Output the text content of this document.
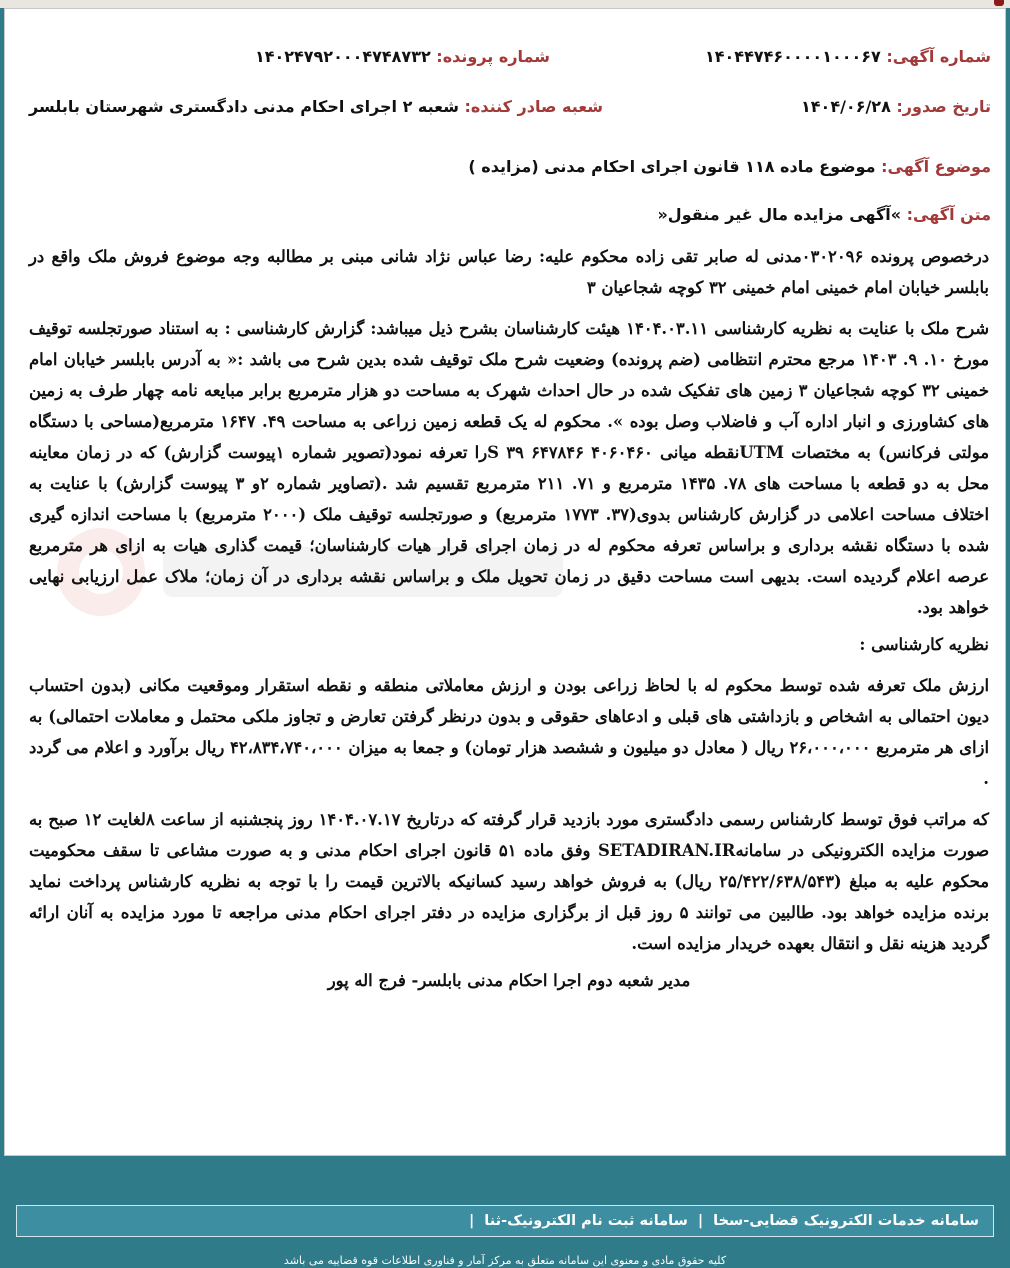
شماره آگهی: ۱۴۰۴۴۷۴۶۰۰۰۰۱۰۰۰۶۷
شماره پرونده: ۱۴۰۲۴۷۹۲۰۰۰۴۷۴۸۷۳۲
تاریخ صدور: ۱۴۰۴/۰۶/۲۸
شعبه صادر کننده: شعبه ۲ اجرای احکام مدنی دادگستری شهرستان بابلسر
موضوع آگهی: موضوع ماده ۱۱۸ قانون اجرای احکام مدنی (مزایده )
متن آگهی: »آگهی مزایده مال غیر منقول«

درخصوص پرونده ۰۳۰۲۰۹۶مدنی له صابر تقی زاده محکوم علیه: رضا عباس نژاد شانی مبنی بر مطالبه وجه موضوع فروش ملک واقع در بابلسر خیابان امام خمینی امام خمینی ۳۲ کوچه شجاعیان ۳

شرح ملک با عنایت به نظریه کارشناسی ۱۴۰۴.۰۳.۱۱ هیئت کارشناسان بشرح ذیل میباشد: گزارش کارشناسی : به استناد صورتجلسه توقیف مورخ ۱۰. ۹. ۱۴۰۳ مرجع محترم انتظامی (ضم پرونده) وضعیت شرح ملک توقیف شده بدین شرح می باشد :« به آدرس بابلسر خیابان امام خمینی ۳۲ کوچه شجاعیان ۳ زمین های تفکیک شده در حال احداث شهرک به مساحت دو هزار مترمربع برابر مبایعه نامه چهار طرف به زمین های کشاورزی و انبار اداره آب و فاضلاب وصل بوده ». محکوم له یک قطعه زمین زراعی به مساحت ۴۹. ۱۶۴۷ مترمربع(مساحی با دستگاه مولتی فرکانس) به مختصات UTMنقطه میانی ۴۰۶۰۴۶۰ ۶۴۷۸۴۶ ۳۹ Sرا تعرفه نمود(تصویر شماره ۱پیوست گزارش) که در زمان معاینه محل به دو قطعه با مساحت های ۷۸. ۱۴۳۵ مترمربع و ۷۱. ۲۱۱ مترمربع تقسیم شد .(تصاویر شماره ۲و ۳ پیوست گزارش) با عنایت به اختلاف مساحت اعلامی در گزارش کارشناس بدوی(۳۷. ۱۷۷۳ مترمربع) و صورتجلسه توقیف ملک (۲۰۰۰ مترمربع) با مساحت اندازه گیری شده با دستگاه نقشه برداری و براساس تعرفه محکوم له در زمان اجرای قرار هیات کارشناسان؛ قیمت گذاری هیات به ازای هر مترمربع عرصه اعلام گردیده است. بدیهی است مساحت دقیق در زمان تحویل ملک و براساس نقشه برداری در آن زمان؛ ملاک عمل ارزیابی نهایی خواهد بود.

نظریه کارشناسی :

ارزش ملک تعرفه شده توسط محکوم له با لحاظ زراعی بودن و ارزش معاملاتی منطقه و نقطه استقرار وموقعیت مکانی (بدون احتساب دیون احتمالی به اشخاص و بازداشتی های قبلی و ادعاهای حقوقی و بدون درنظر گرفتن تعارض و تجاوز ملکی محتمل و معاملات احتمالی) به ازای هر مترمربع ۲۶،۰۰۰،۰۰۰ ریال ( معادل دو میلیون و ششصد هزار تومان) و جمعا به میزان ۴۲،۸۳۴،۷۴۰،۰۰۰ ریال برآورد و اعلام می گردد .

که مراتب فوق توسط کارشناس رسمی دادگستری مورد بازدید قرار گرفته که درتاریخ ۱۴۰۴.۰۷.۱۷ روز پنجشنبه از ساعت ۸لغایت ۱۲ صبح به صورت مزایده الکترونیکی در سامانهSETADIRAN.IR وفق ماده ۵۱ قانون اجرای احکام مدنی و به صورت مشاعی تا سقف محکومیت محکوم علیه به مبلغ (۲۵/۴۲۲/۶۳۸/۵۴۳ ریال) به فروش خواهد رسید کسانیکه بالاترین قیمت را با توجه به نظریه کارشناس پرداخت نماید برنده مزایده خواهد بود. طالبین می توانند ۵ روز قبل از برگزاری مزایده در دفتر اجرای احکام مدنی مراجعه تا مورد مزایده به آنان ارائه گردید هزینه نقل و انتقال بعهده خریدار مزایده است.

مدیر شعبه دوم اجرا احکام مدنی بابلسر- فرج اله پور

سامانه خدمات الکترونیک قضایی-سخا
|
سامانه ثبت نام الکترونیک-ثنا
|
کلیه حقوق مادی و معنوی این سامانه متعلق به مرکز آمار و فناوری اطلاعات قوه قضاییه می باشد
